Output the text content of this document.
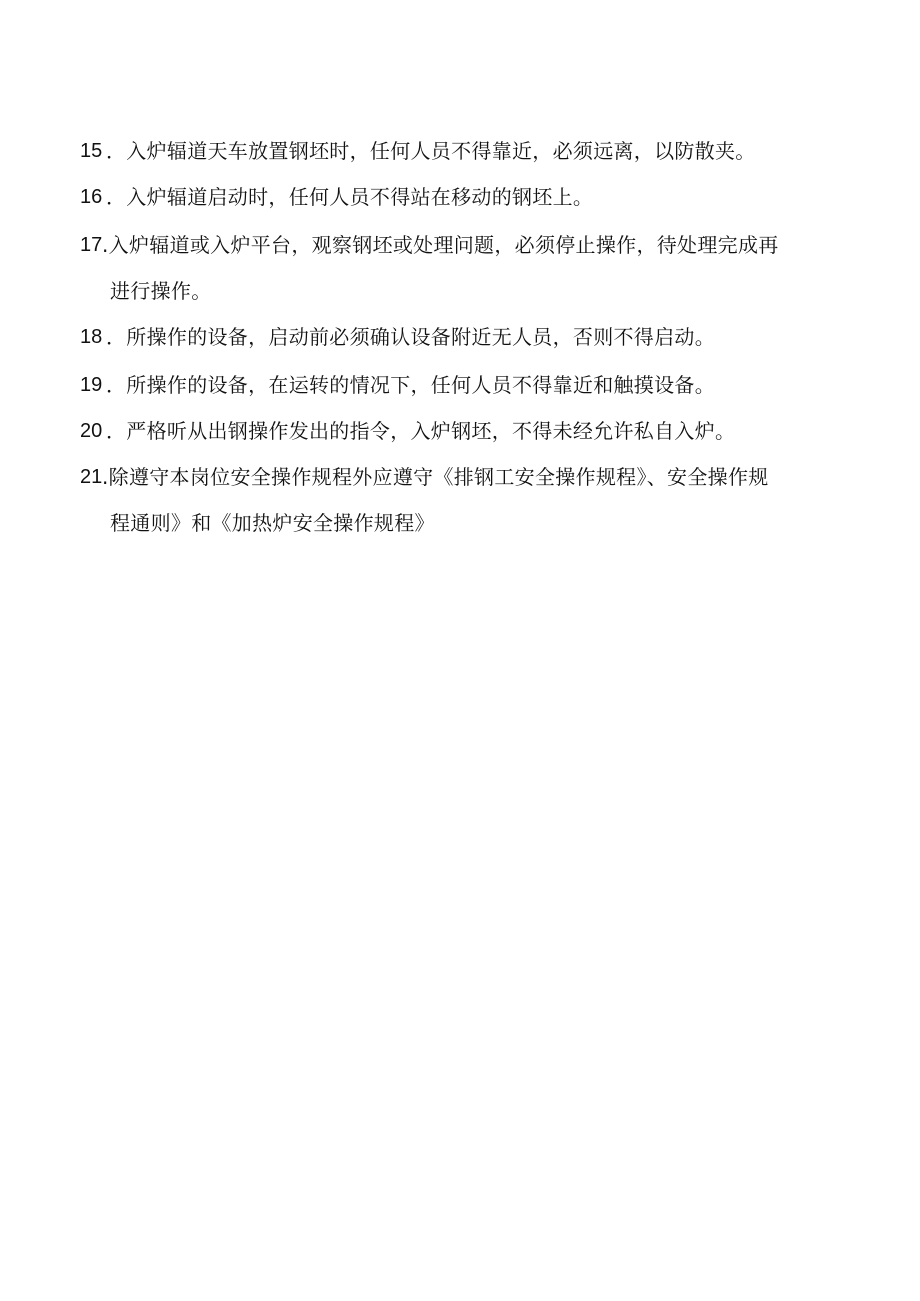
15 ．入炉辐道天车放置钢坯时，任何人员不得靠近，必须远离，以防散夹。
16 ．入炉辐道启动时，任何人员不得站在移动的钢坯上。
17 .入炉辐道或入炉平台，观察钢坯或处理问题，必须停止操作，待处理完成再
进行操作。
18 ．所操作的设备，启动前必须确认设备附近无人员，否则不得启动。
19 ．所操作的设备，在运转的情况下，任何人员不得靠近和触摸设备。
20 ．严格听从出钢操作发出的指令，入炉钢坯，不得未经允许私自入炉。
21 .除遵守本岗位安全操作规程外应遵守《排钢工安全操作规程》、安全操作规
程通则》和《加热炉安全操作规程》
